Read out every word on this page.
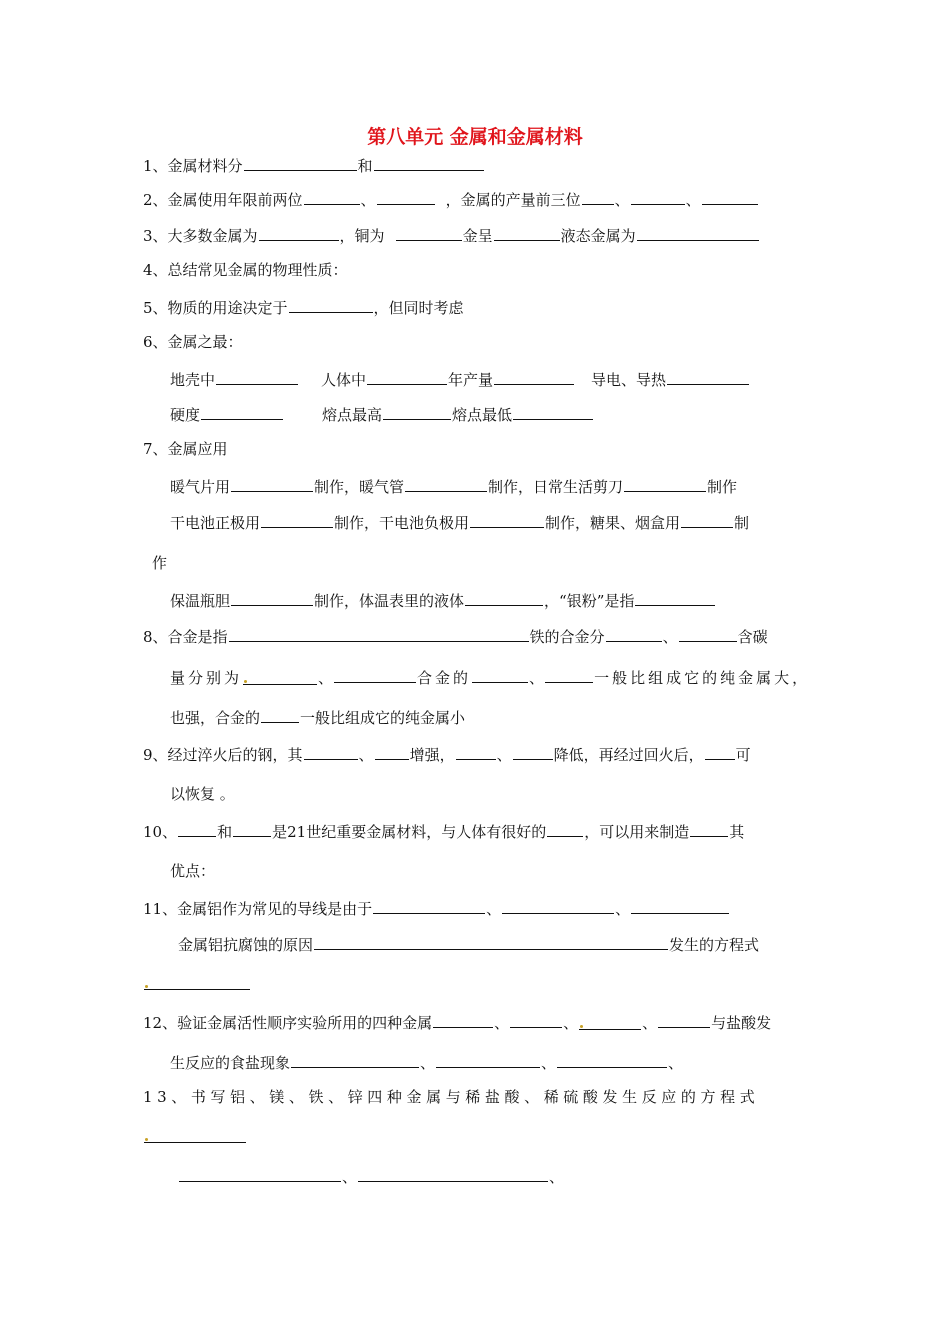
第八单元 金属和金属材料
1、金属材料分	和
2、金属使用年限前两位	、	，金属的产量前三位 、	、
3、大多数金属为	，铜为	金呈	液态金属为
4、总结常见金属的物理性质：
5、物质的用途决定于	，但同时考虑
6、金属之最：
地壳中	人体中	年产量	导电、导热
硬度	熔点最高	熔点最低
7、金属应用
暖气片用	制作，暖气管	制作，日常生活剪刀	制作
干电池正极用	制作，干电池负极用	制作，糖果、烟盒用	制
作
保温瓶胆	制作，体温表里的液体	，“银粉”是指
8、合金是指	铁的合金分	、	含碳
量分别为	、	合金的	、	一般比组成它的纯金属大，
也强，合金的	一般比组成它的纯金属小
9、经过淬火后的钢，其	、 增强，	、	降低，再经过回火后， 可
以恢复 。
10、	和	是21世纪重要金属材料，与人体有很好的	，可以用来制造	其
优点：
11、金属铝作为常见的导线是由于	、	、
金属铝抗腐蚀的原因	发生的方程式
12、验证金属活性顺序实验所用的四种金属	、	、	、	与盐酸发
生反应的食盐现象	、	、	、
13、书写铝、镁、铁、锌四种金属与稀盐酸、稀硫酸发生反应的方程式
、	、
